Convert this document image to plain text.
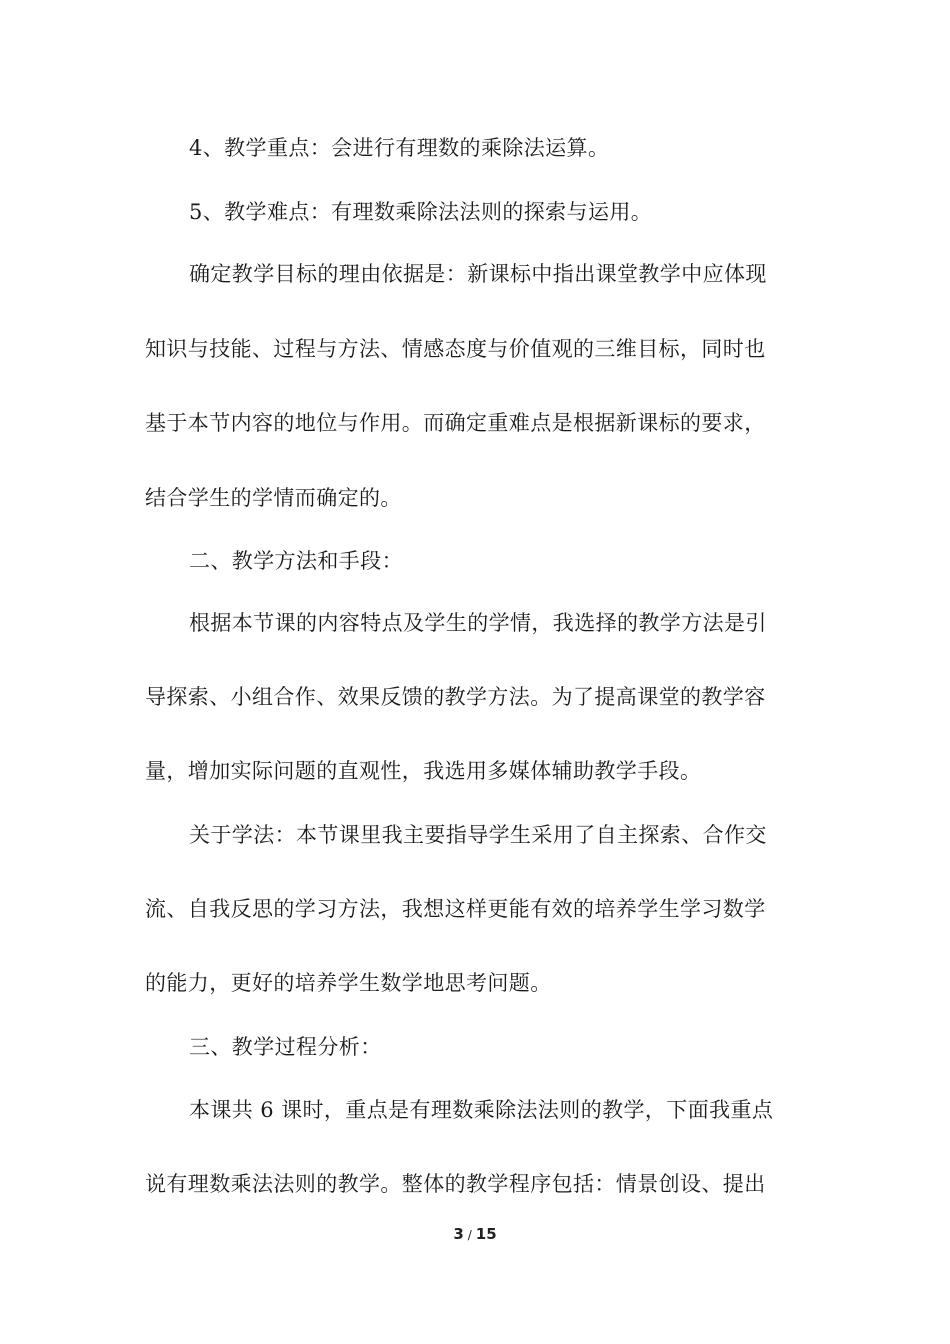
4、教学重点：会进行有理数的乘除法运算。
5、教学难点：有理数乘除法法则的探索与运用。
确定教学目标的理由依据是：新课标中指出课堂教学中应体现
知识与技能、过程与方法、情感态度与价值观的三维目标，同时也
基于本节内容的地位与作用。而确定重难点是根据新课标的要求，
结合学生的学情而确定的。
二、教学方法和手段：
根据本节课的内容特点及学生的学情，我选择的教学方法是引
导探索、小组合作、效果反馈的教学方法。为了提高课堂的教学容
量，增加实际问题的直观性，我选用多媒体辅助教学手段。
关于学法：本节课里我主要指导学生采用了自主探索、合作交
流、自我反思的学习方法，我想这样更能有效的培养学生学习数学
的能力，更好的培养学生数学地思考问题。
三、教学过程分析：
本课共 6 课时，重点是有理数乘除法法则的教学，下面我重点
说有理数乘法法则的教学。整体的教学程序包括：情景创设、提出
3 / 15
